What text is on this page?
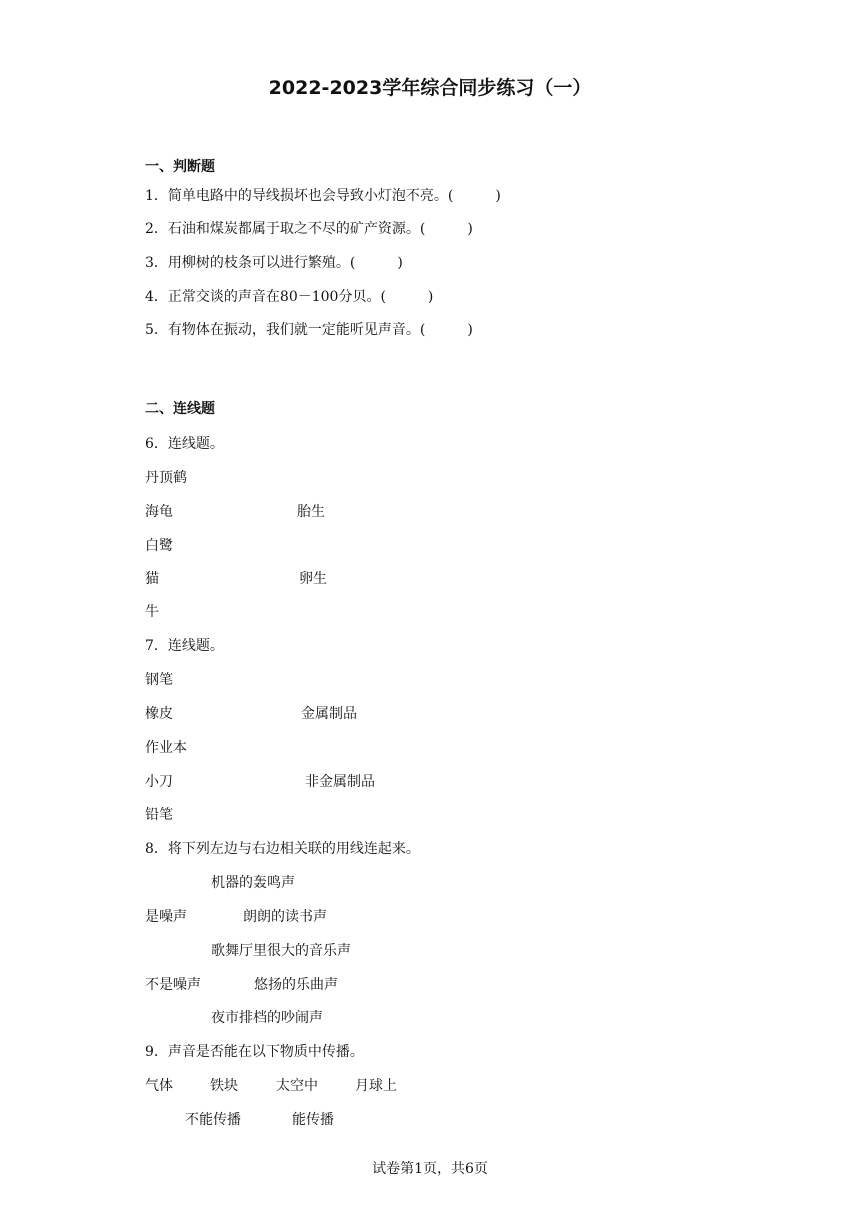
2022-2023学年综合同步练习（一）
一、判断题
1．简单电路中的导线损坏也会导致小灯泡不亮。(	)
2．石油和煤炭都属于取之不尽的矿产资源。(	)
3．用柳树的枝条可以进行繁殖。(	)
4．正常交谈的声音在80－100分贝。(	)
5．有物体在振动，我们就一定能听见声音。(	)
二、连线题
6．连线题。
丹顶鹤
海龟	胎生
白鹭
猫	卵生
牛
7．连线题。
钢笔
橡皮	金属制品
作业本
小刀	非金属制品
铅笔
8．将下列左边与右边相关联的用线连起来。
机器的轰鸣声
是噪声	朗朗的读书声
歌舞厅里很大的音乐声
不是噪声	悠扬的乐曲声
夜市排档的吵闹声
9．声音是否能在以下物质中传播。
气体	铁块	太空中	月球上
不能传播	能传播
试卷第1页，共6页
